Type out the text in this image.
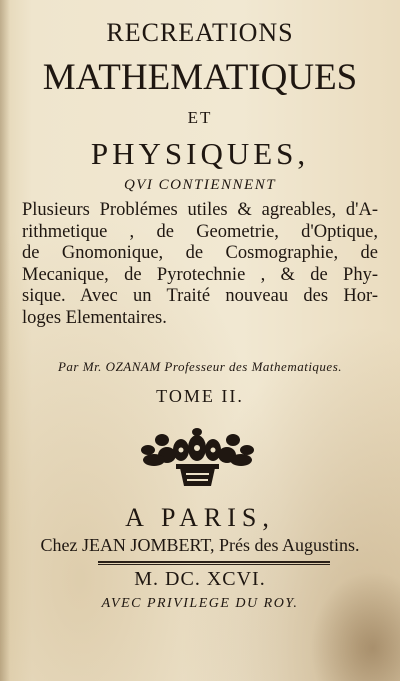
RECREATIONS
MATHEMATIQUES
ET
PHYSIQUES,
QVI CONTIENNENT
Plusieurs Problémes utiles & agreables, d'A-
rithmetique , de Geometrie, d'Optique,
de Gnomonique, de Cosmographie, de
Mecanique, de Pyrotechnie , & de Phy-
sique. Avec un Traité nouveau des Hor-
loges Elementaires.
Par Mr. OZANAM Professeur des Mathematiques.
TOME II.
A PARIS,
Chez JEAN JOMBERT, Prés des Augustins.
M. DC. XCVI.
AVEC PRIVILEGE DU ROY.
